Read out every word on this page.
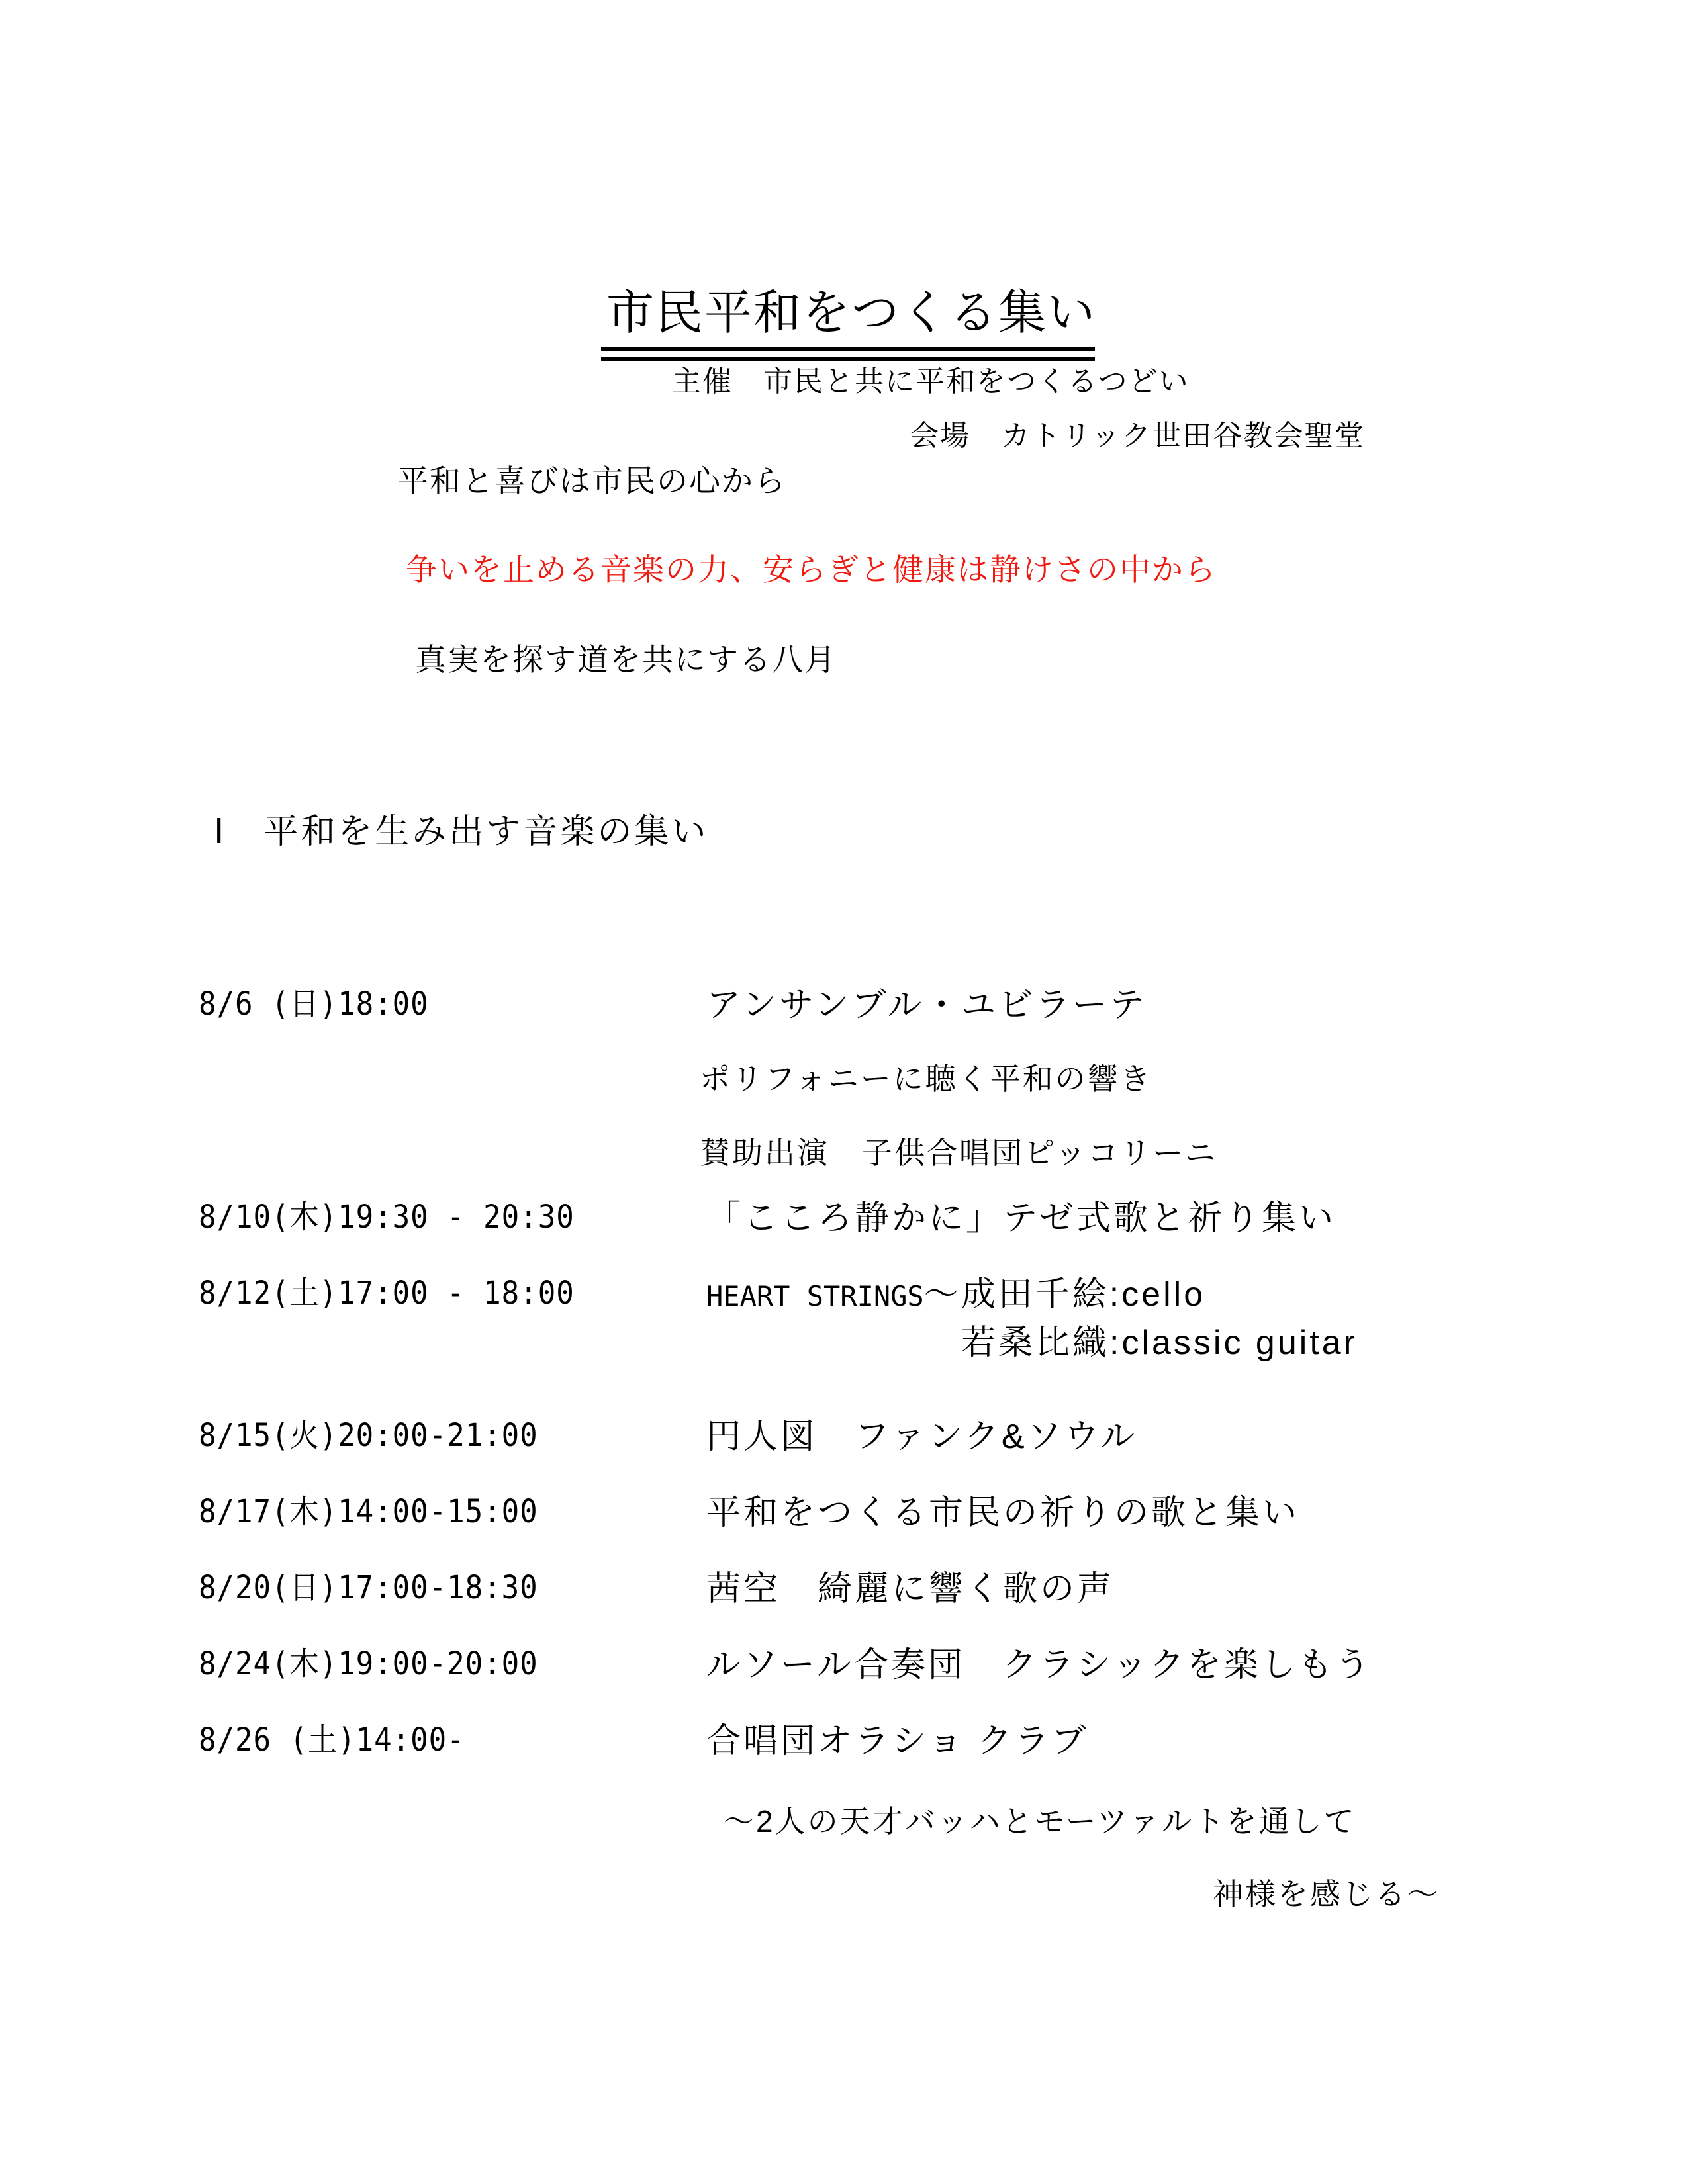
市民平和をつくる集い
主催　市民と共に平和をつくるつどい
会場　カトリック世田谷教会聖堂
平和と喜びは市民の心から
争いを止める音楽の力、安らぎと健康は静けさの中から
真実を探す道を共にする八月
Ⅰ　平和を生み出す音楽の集い
8/6 (日)18:00	アンサンブル・ユビラーテ
ポリフォニーに聴く平和の響き
賛助出演　子供合唱団ピッコリーニ
8/10(木)19:30 - 20:30	「こころ静かに」テゼ式歌と祈り集い
8/12(土)17:00 - 18:00	HEART STRINGS～成田千絵:cello
若桑比織:classic guitar
8/15(火)20:00-21:00	円人図　ファンク&ソウル
8/17(木)14:00-15:00	平和をつくる市民の祈りの歌と集い
8/20(日)17:00-18:30	茜空　綺麗に響く歌の声
8/24(木)19:00-20:00	ルソール合奏団　クラシックを楽しもう
8/26 (土)14:00-	合唱団オラショ クラブ
～2人の天才バッハとモーツァルトを通して
神様を感じる～
